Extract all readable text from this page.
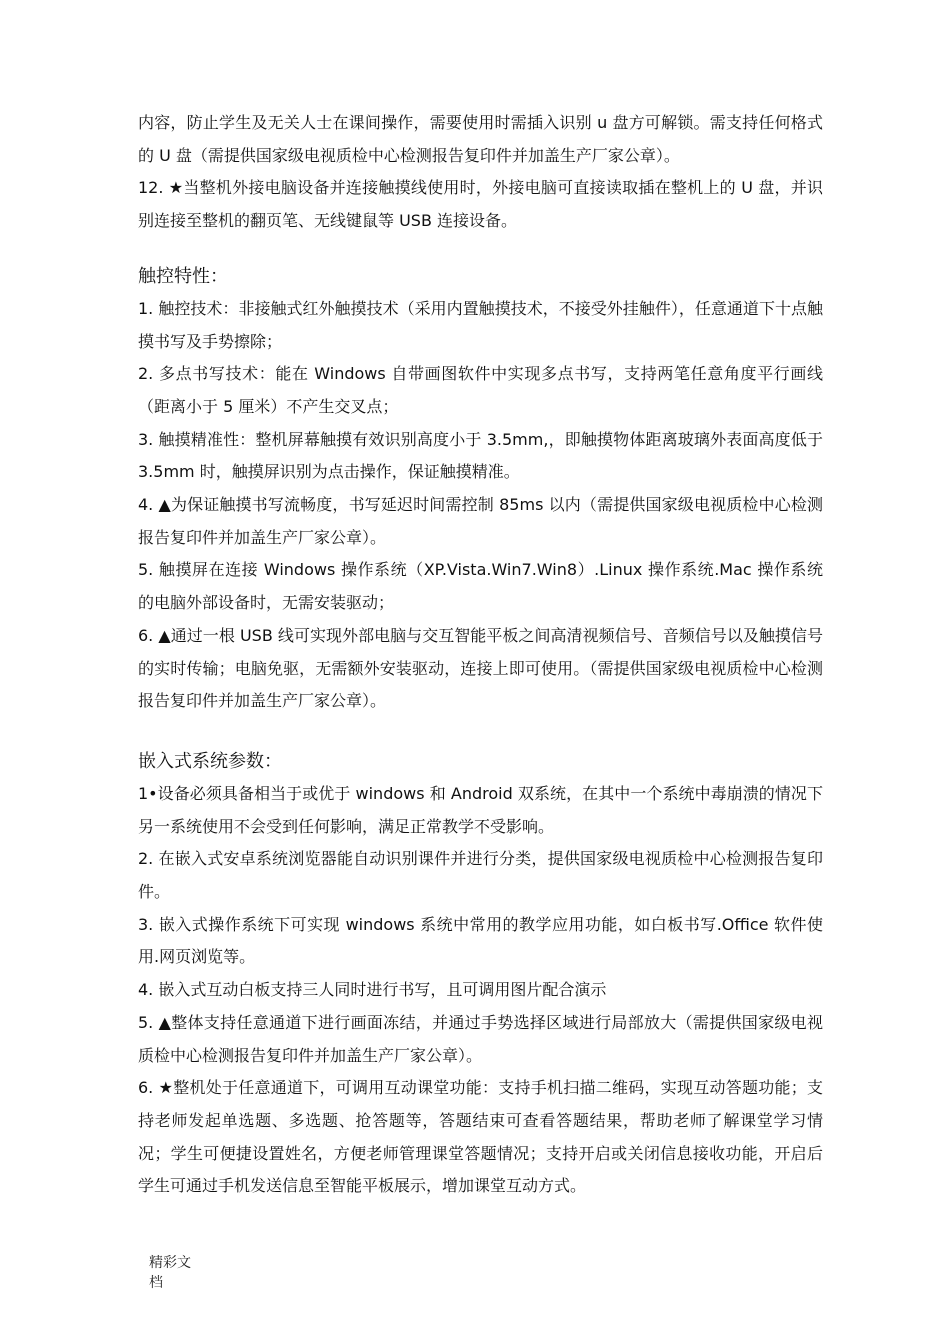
内容，防止学生及无关人士在课间操作，需要使用时需插入识别 u 盘方可解锁。需支持任何格式的 U 盘（需提供国家级电视质检中心检测报告复印件并加盖生产厂家公章）。

12. ★当整机外接电脑设备并连接触摸线使用时，外接电脑可直接读取插在整机上的 U 盘，并识别连接至整机的翻页笔、无线键鼠等 USB 连接设备。

触控特性：

1. 触控技术：非接触式红外触摸技术（采用内置触摸技术，不接受外挂触件），任意通道下十点触摸书写及手势擦除；

2. 多点书写技术：能在 Windows 自带画图软件中实现多点书写，支持两笔任意角度平行画线（距离小于 5 厘米）不产生交叉点；

3. 触摸精准性：整机屏幕触摸有效识别高度小于 3.5mm,，即触摸物体距离玻璃外表面高度低于 3.5mm 时，触摸屏识别为点击操作，保证触摸精准。

4. ▲为保证触摸书写流畅度，书写延迟时间需控制 85ms 以内（需提供国家级电视质检中心检测报告复印件并加盖生产厂家公章）。

5. 触摸屏在连接 Windows 操作系统（XP.Vista.Win7.Win8）.Linux 操作系统.Mac 操作系统的电脑外部设备时，无需安装驱动；

6. ▲通过一根 USB 线可实现外部电脑与交互智能平板之间高清视频信号、音频信号以及触摸信号的实时传输；电脑免驱，无需额外安装驱动，连接上即可使用。（需提供国家级电视质检中心检测报告复印件并加盖生产厂家公章）。

嵌入式系统参数：

1•设备必须具备相当于或优于 windows 和 Android 双系统，在其中一个系统中毒崩溃的情况下另一系统使用不会受到任何影响，满足正常教学不受影响。

2. 在嵌入式安卓系统浏览器能自动识别课件并进行分类，提供国家级电视质检中心检测报告复印件。

3. 嵌入式操作系统下可实现 windows 系统中常用的教学应用功能，如白板书写.Office 软件使用.网页浏览等。

4. 嵌入式互动白板支持三人同时进行书写，且可调用图片配合演示

5. ▲整体支持任意通道下进行画面冻结，并通过手势选择区域进行局部放大（需提供国家级电视质检中心检测报告复印件并加盖生产厂家公章）。

6. ★整机处于任意通道下，可调用互动课堂功能：支持手机扫描二维码，实现互动答题功能；支持老师发起单选题、多选题、抢答题等，答题结束可查看答题结果，帮助老师了解课堂学习情况；学生可便捷设置姓名，方便老师管理课堂答题情况；支持开启或关闭信息接收功能，开启后学生可通过手机发送信息至智能平板展示，增加课堂互动方式。

精彩文
档
